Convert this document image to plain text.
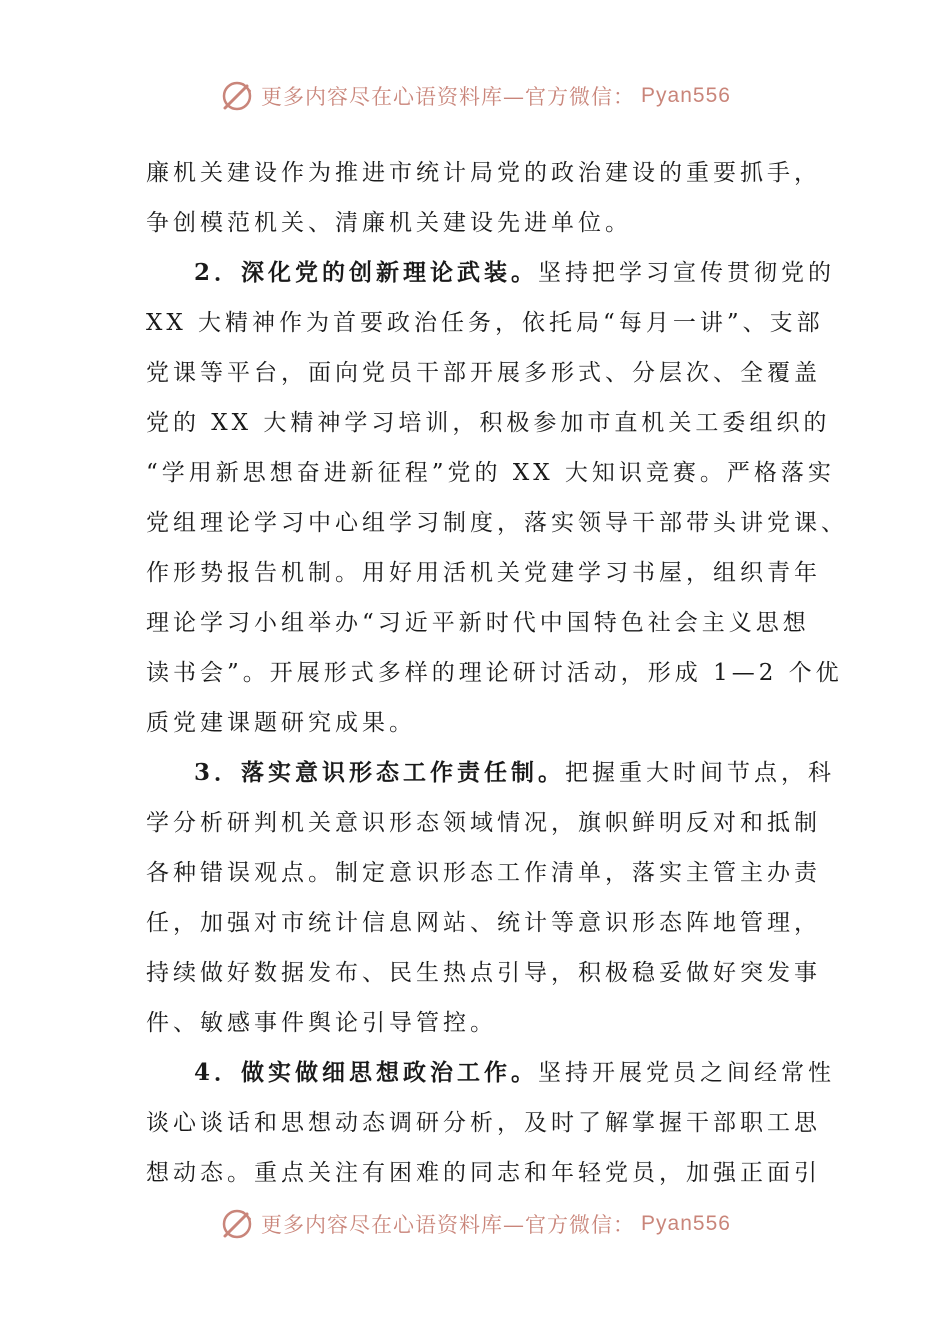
更多内容尽在心语资料库—官方微信： Pyan556
廉机关建设作为推进市统计局党的政治建设的重要抓手，
争创模范机关、清廉机关建设先进单位。
2．深化党的创新理论武装。坚持把学习宣传贯彻党的
XX 大精神作为首要政治任务，依托局“每月一讲”、支部
党课等平台，面向党员干部开展多形式、分层次、全覆盖
党的 XX 大精神学习培训，积极参加市直机关工委组织的
“学用新思想奋进新征程”党的 XX 大知识竞赛。严格落实
党组理论学习中心组学习制度，落实领导干部带头讲党课、
作形势报告机制。用好用活机关党建学习书屋，组织青年
理论学习小组举办“习近平新时代中国特色社会主义思想
读书会”。开展形式多样的理论研讨活动，形成 1—2 个优
质党建课题研究成果。
3．落实意识形态工作责任制。把握重大时间节点，科
学分析研判机关意识形态领域情况，旗帜鲜明反对和抵制
各种错误观点。制定意识形态工作清单，落实主管主办责
任，加强对市统计信息网站、统计等意识形态阵地管理，
持续做好数据发布、民生热点引导，积极稳妥做好突发事
件、敏感事件舆论引导管控。
4．做实做细思想政治工作。坚持开展党员之间经常性
谈心谈话和思想动态调研分析，及时了解掌握干部职工思
想动态。重点关注有困难的同志和年轻党员，加强正面引
更多内容尽在心语资料库—官方微信： Pyan556
